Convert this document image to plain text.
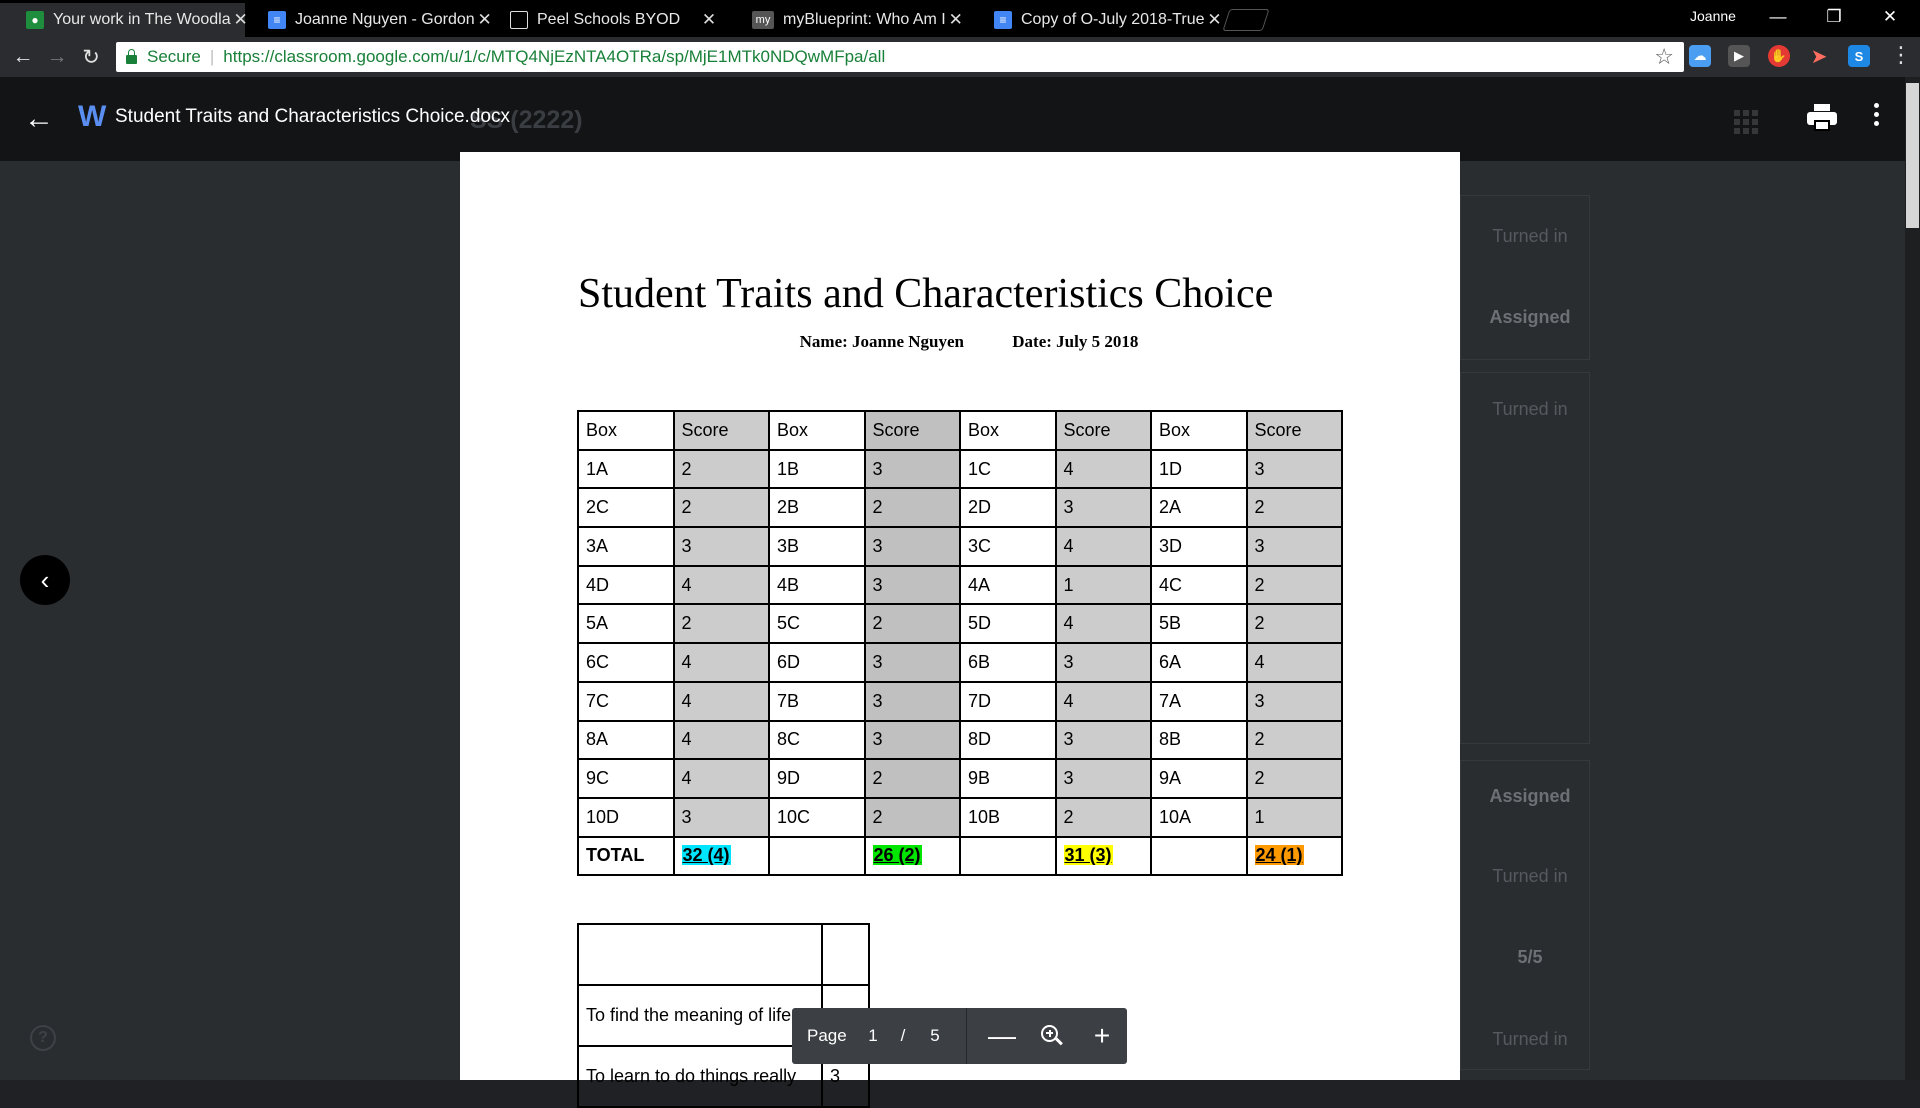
● Your work in The Woodla ✕	≡ Joanne Nguyen - Gordon ✕	Peel Schools BYOD	✕	my myBlueprint: Who Am I ✕	≡ Copy of O-July 2018-True ✕	Joanne	—	❐	✕
← → ↻	Secure | https://classroom.google.com/u/1/c/MTQ4NjEzNTA4OTRa/sp/MjE1MTk0NDQwMFpa/all	☆	☁	▶	✋ ➤	S	⋮
Turned in
Assigned
Turned in
Assigned
Turned in
5/5
Turned in
← W	SS (2222)
Student Traits and Characteristics Choice.docx
‹
?
Student Traits and Characteristics Choice
Name: Joanne Nguyen	Date: July 5 2018
Box	Score	Box	Score	Box	Score	Box	Score
1A	2	1B	3	1C	4	1D	3
2C	2	2B	2	2D	3	2A	2
3A	3	3B	3	3C	4	3D	3
4D	4	4B	3	4A	1	4C	2
5A	2	5C	2	5D	4	5B	2
6C	4	6D	3	6B	3	6A	4
7C	4	7B	3	7D	4	7A	3
8A	4	8C	3	8D	3	8B	2
9C	4	9D	2	9B	3	9A	2
10D	3	10C	2	10B	2	10A	1
TOTAL	32 (4)		26 (2)		31 (3)		24 (1)

To find the meaning of life	
To learn to do things really	3
Page	1	/	5	—	+
